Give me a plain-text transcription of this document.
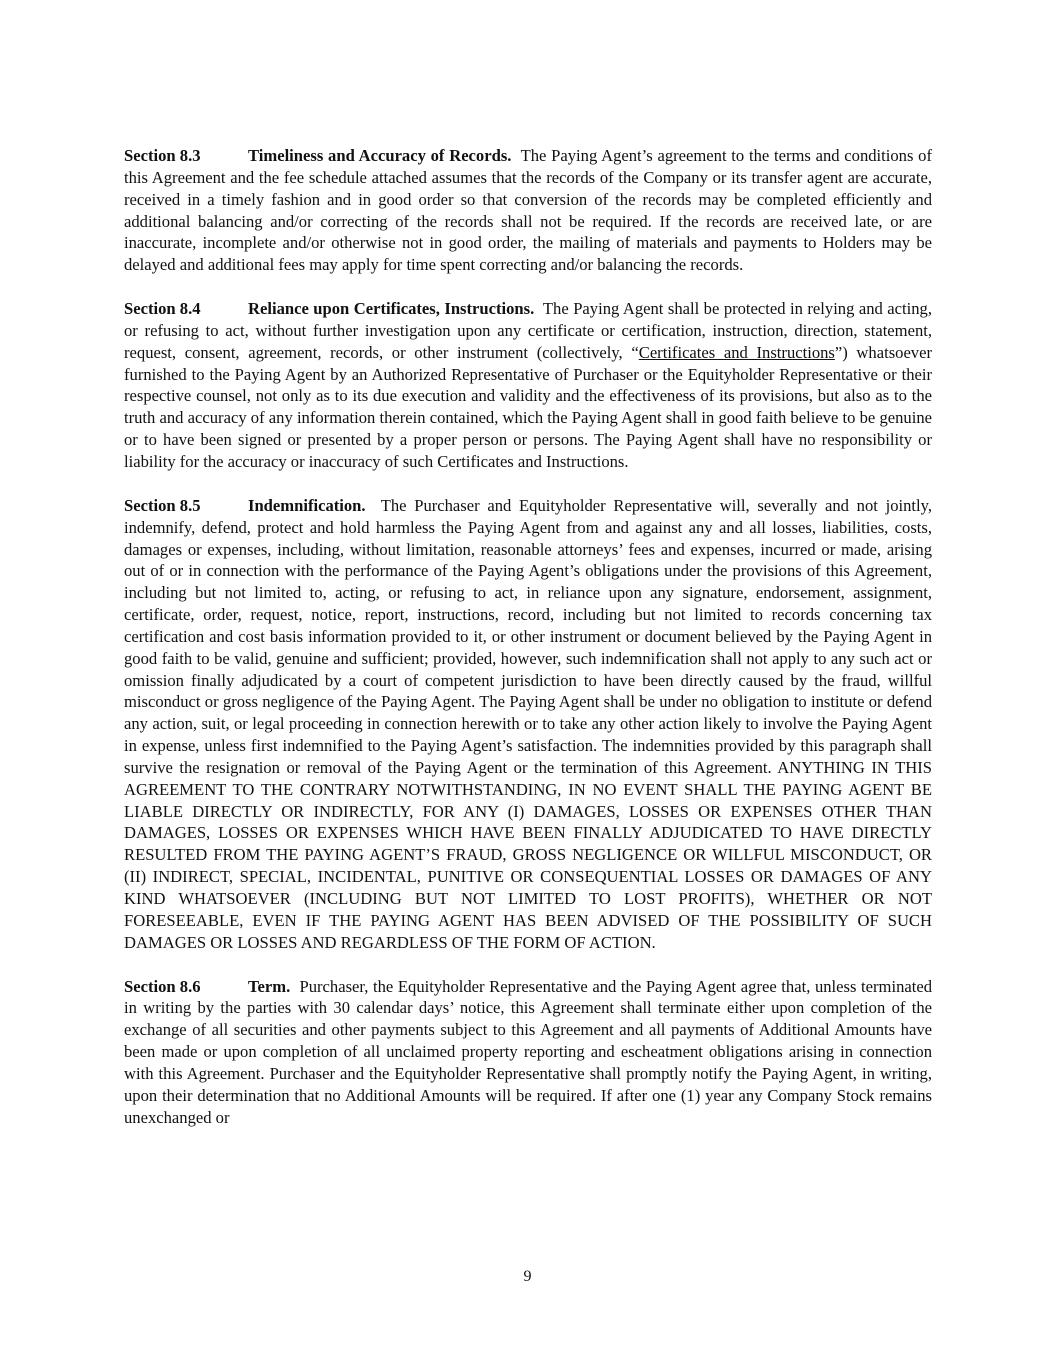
Section 8.3	Timeliness and Accuracy of Records. The Paying Agent’s agreement to the terms and conditions of this Agreement and the fee schedule attached assumes that the records of the Company or its transfer agent are accurate, received in a timely fashion and in good order so that conversion of the records may be completed efficiently and additional balancing and/or correcting of the records shall not be required. If the records are received late, or are inaccurate, incomplete and/or otherwise not in good order, the mailing of materials and payments to Holders may be delayed and additional fees may apply for time spent correcting and/or balancing the records.

Section 8.4	Reliance upon Certificates, Instructions. The Paying Agent shall be protected in relying and acting, or refusing to act, without further investigation upon any certificate or certification, instruction, direction, statement, request, consent, agreement, records, or other instrument (collectively, “Certificates and Instructions”) whatsoever furnished to the Paying Agent by an Authorized Representative of Purchaser or the Equityholder Representative or their respective counsel, not only as to its due execution and validity and the effectiveness of its provisions, but also as to the truth and accuracy of any information therein contained, which the Paying Agent shall in good faith believe to be genuine or to have been signed or presented by a proper person or persons. The Paying Agent shall have no responsibility or liability for the accuracy or inaccuracy of such Certificates and Instructions.

Section 8.5	Indemnification. The Purchaser and Equityholder Representative will, severally and not jointly, indemnify, defend, protect and hold harmless the Paying Agent from and against any and all losses, liabilities, costs, damages or expenses, including, without limitation, reasonable attorneys’ fees and expenses, incurred or made, arising out of or in connection with the performance of the Paying Agent’s obligations under the provisions of this Agreement, including but not limited to, acting, or refusing to act, in reliance upon any signature, endorsement, assignment, certificate, order, request, notice, report, instructions, record, including but not limited to records concerning tax certification and cost basis information provided to it, or other instrument or document believed by the Paying Agent in good faith to be valid, genuine and sufficient; provided, however, such indemnification shall not apply to any such act or omission finally adjudicated by a court of competent jurisdiction to have been directly caused by the fraud, willful misconduct or gross negligence of the Paying Agent. The Paying Agent shall be under no obligation to institute or defend any action, suit, or legal proceeding in connection herewith or to take any other action likely to involve the Paying Agent in expense, unless first indemnified to the Paying Agent’s satisfaction. The indemnities provided by this paragraph shall survive the resignation or removal of the Paying Agent or the termination of this Agreement. ANYTHING IN THIS AGREEMENT TO THE CONTRARY NOTWITHSTANDING, IN NO EVENT SHALL THE PAYING AGENT BE LIABLE DIRECTLY OR INDIRECTLY, FOR ANY (I) DAMAGES, LOSSES OR EXPENSES OTHER THAN DAMAGES, LOSSES OR EXPENSES WHICH HAVE BEEN FINALLY ADJUDICATED TO HAVE DIRECTLY RESULTED FROM THE PAYING AGENT’S FRAUD, GROSS NEGLIGENCE OR WILLFUL MISCONDUCT, OR (II) INDIRECT, SPECIAL, INCIDENTAL, PUNITIVE OR CONSEQUENTIAL LOSSES OR DAMAGES OF ANY KIND WHATSOEVER (INCLUDING BUT NOT LIMITED TO LOST PROFITS), WHETHER OR NOT FORESEEABLE, EVEN IF THE PAYING AGENT HAS BEEN ADVISED OF THE POSSIBILITY OF SUCH DAMAGES OR LOSSES AND REGARDLESS OF THE FORM OF ACTION.

Section 8.6	Term. Purchaser, the Equityholder Representative and the Paying Agent agree that, unless terminated in writing by the parties with 30 calendar days’ notice, this Agreement shall terminate either upon completion of the exchange of all securities and other payments subject to this Agreement and all payments of Additional Amounts have been made or upon completion of all unclaimed property reporting and escheatment obligations arising in connection with this Agreement. Purchaser and the Equityholder Representative shall promptly notify the Paying Agent, in writing, upon their determination that no Additional Amounts will be required. If after one (1) year any Company Stock remains unexchanged or

9
